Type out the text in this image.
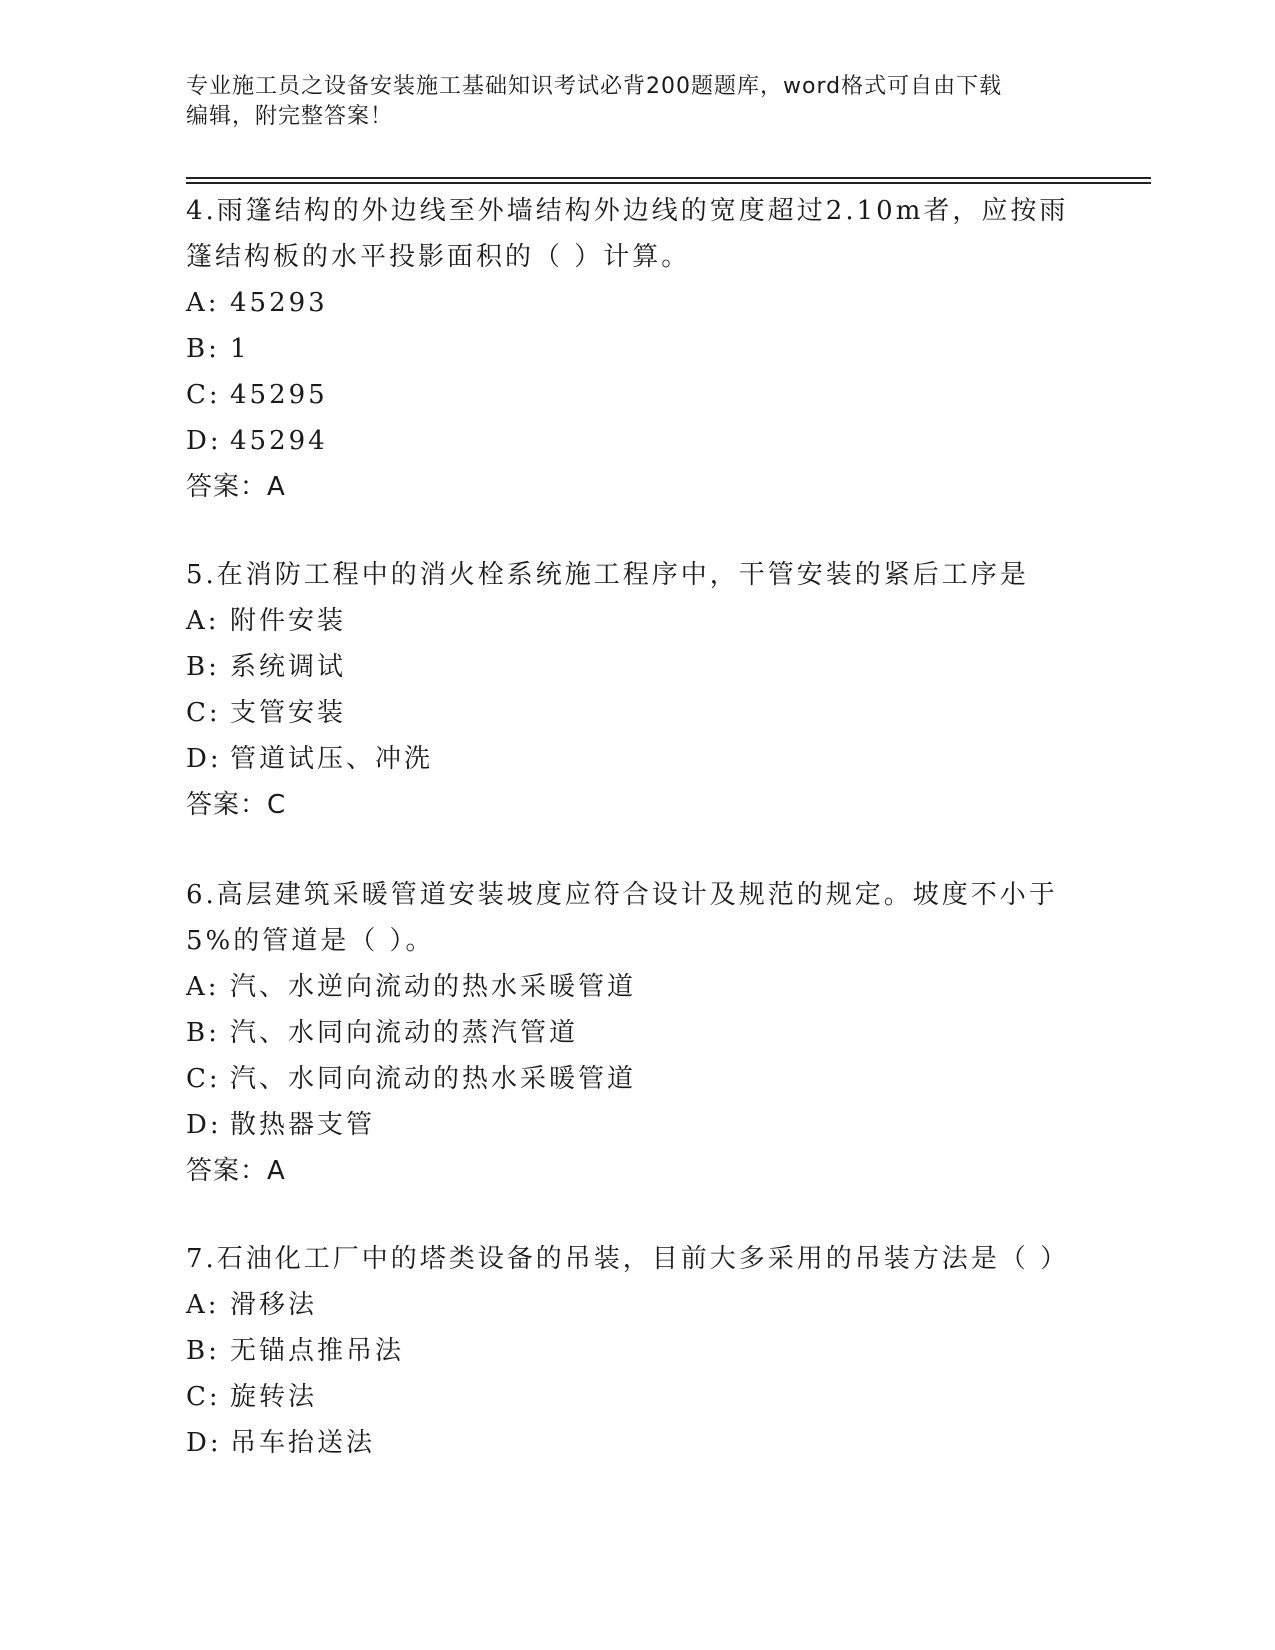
专业施工员之设备安装施工基础知识考试必背200题题库，word格式可自由下载
编辑，附完整答案！
4.雨篷结构的外边线至外墙结构外边线的宽度超过2.10m者，应按雨
篷结构板的水平投影面积的（ ）计算。
A: 45293
B: 1
C: 45295
D: 45294
答案：A
5.在消防工程中的消火栓系统施工程序中，干管安装的紧后工序是
A: 附件安装
B: 系统调试
C: 支管安装
D: 管道试压、冲洗
答案：C
6.高层建筑采暖管道安装坡度应符合设计及规范的规定。坡度不小于
5%的管道是（ ）。
A: 汽、水逆向流动的热水采暖管道
B: 汽、水同向流动的蒸汽管道
C: 汽、水同向流动的热水采暖管道
D: 散热器支管
答案：A
7.石油化工厂中的塔类设备的吊装，目前大多采用的吊装方法是（ ）
A: 滑移法
B: 无锚点推吊法
C: 旋转法
D: 吊车抬送法
